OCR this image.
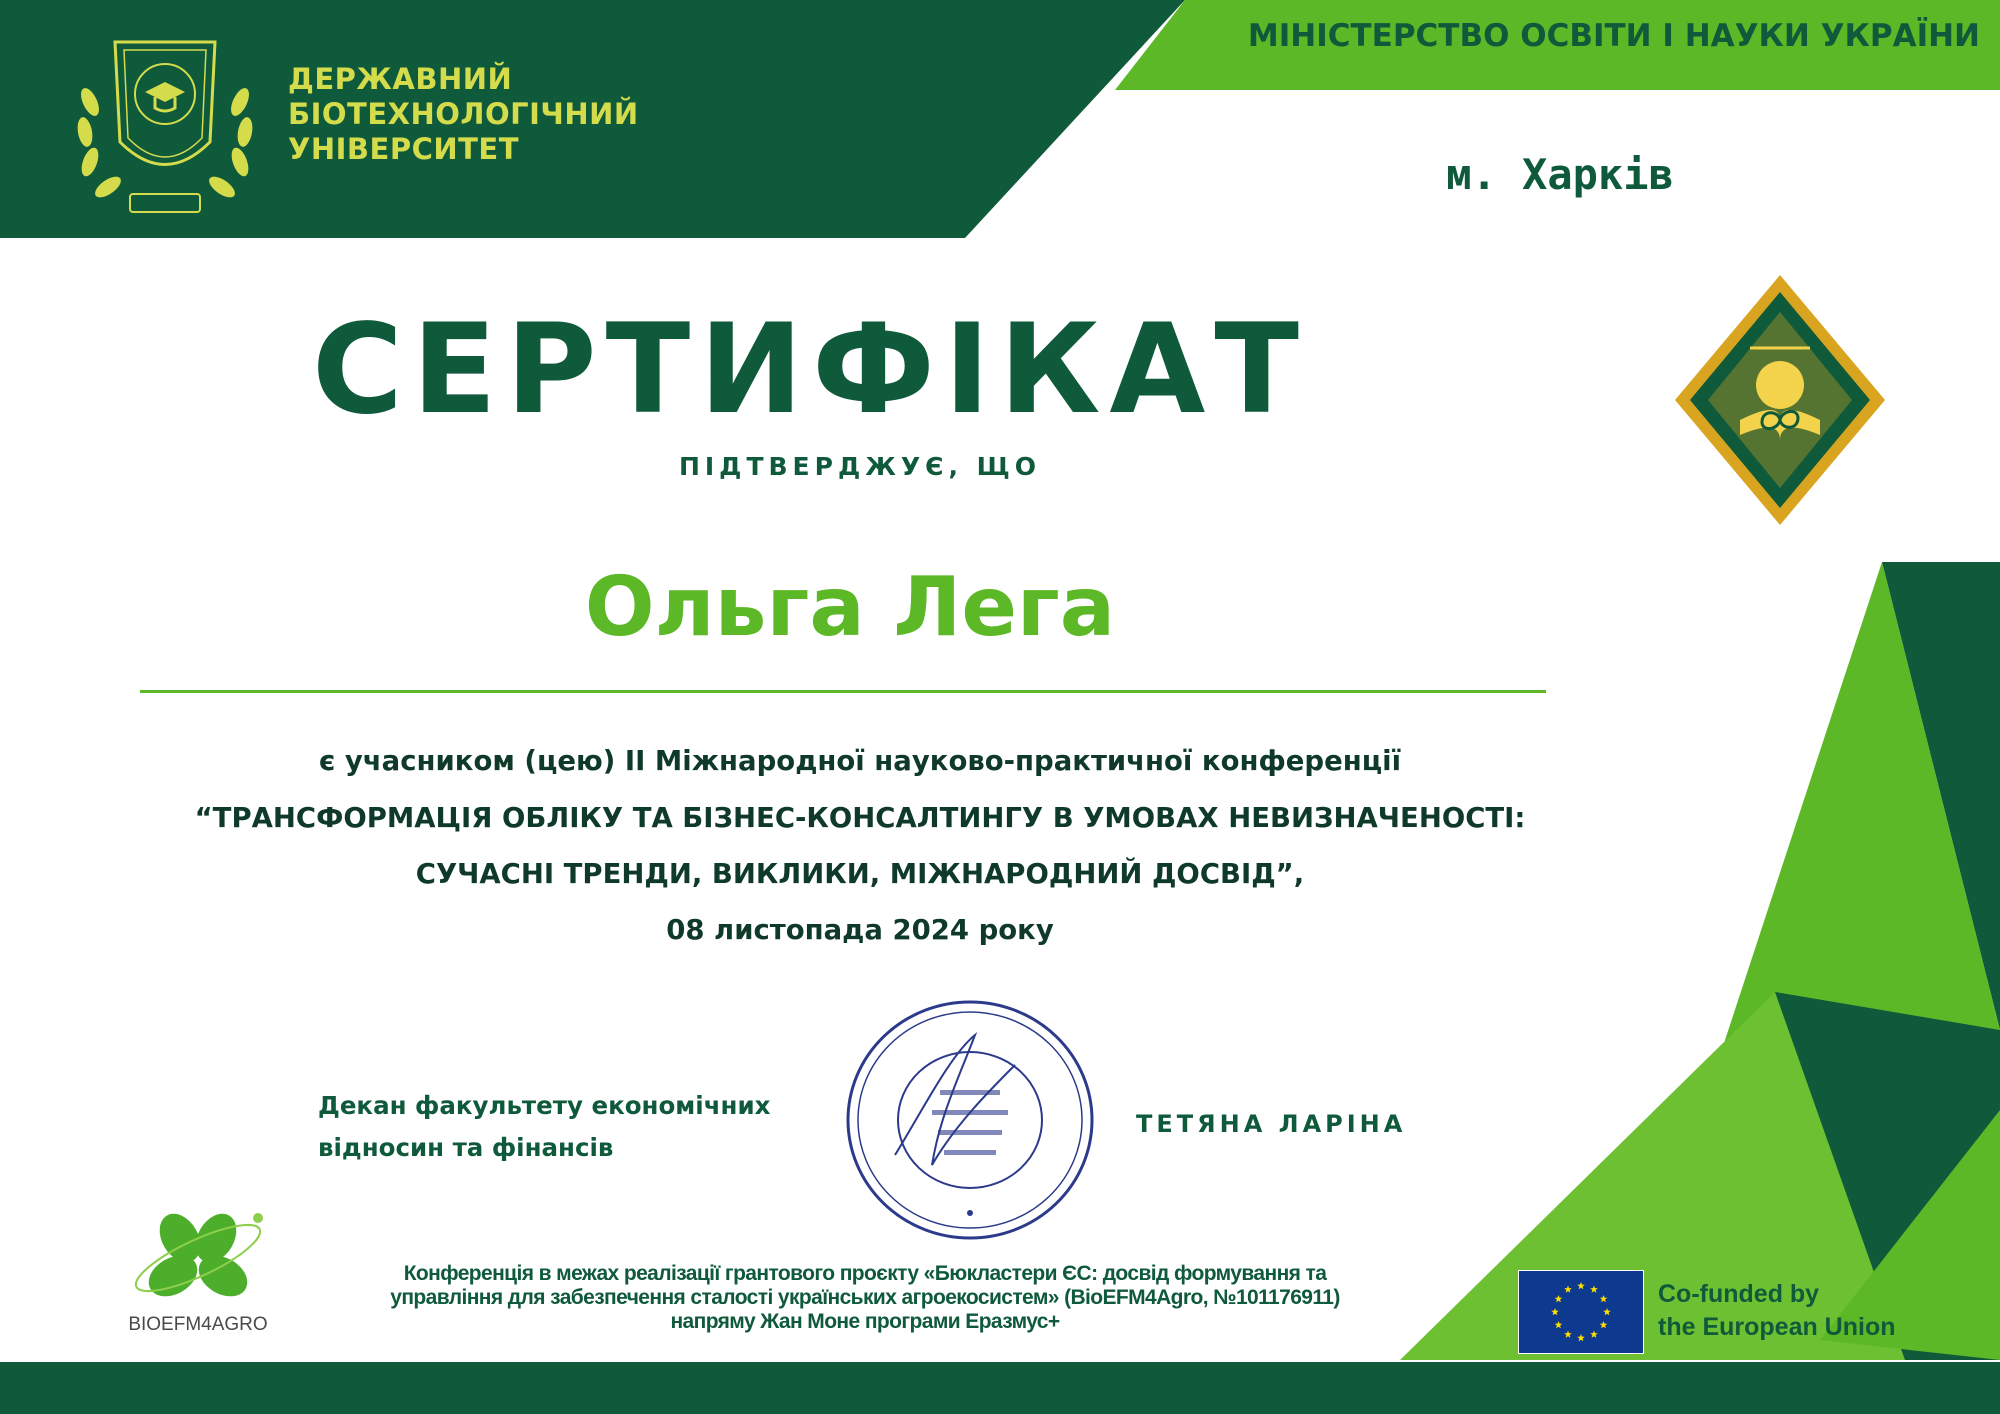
ДЕРЖАВНИЙ
БІОТЕХНОЛОГІЧНИЙ
УНІВЕРСИТЕТ
МІНІСТЕРСТВО ОСВІТИ І НАУКИ УКРАЇНИ
м. Харків
СЕРТИФІКАТ
ПІДТВЕРДЖУЄ, ЩО
Ольга Лега
є учасником (цею) ІІ Міжнародної науково-практичної конференції
“ТРАНСФОРМАЦІЯ ОБЛІКУ ТА БІЗНЕС-КОНСАЛТИНГУ В УМОВАХ НЕВИЗНАЧЕНОСТІ:
СУЧАСНІ ТРЕНДИ, ВИКЛИКИ, МІЖНАРОДНИЙ ДОСВІД”,
08 листопада 2024 року
Декан факультету економічних
відносин та фінансів
ТЕТЯНА ЛАРІНА
BIOEFM4AGRO
Конференція в межах реалізації грантового проєкту «Бюкластери ЄС: досвід формування та
управління для забезпечення сталості українських агроекосистем» (BioEFM4Agro, №101176911)
напряму Жан Моне програми Еразмус+
Co-funded by
the European Union
